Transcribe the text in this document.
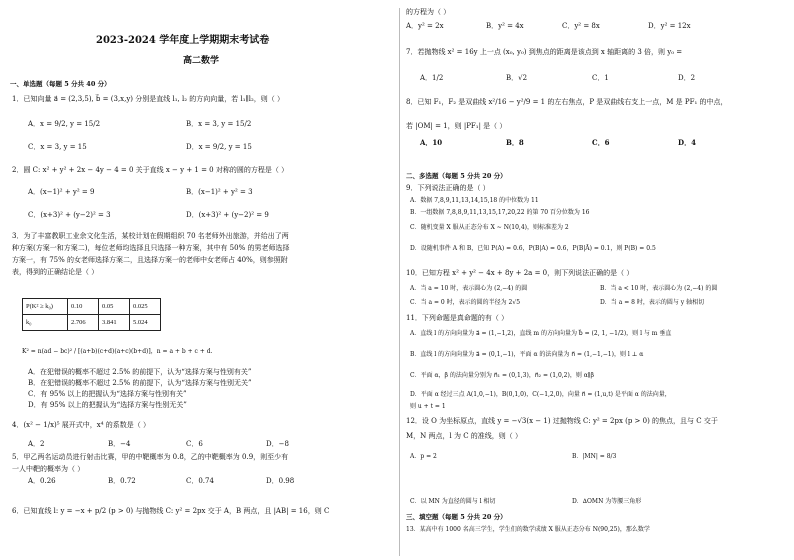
2023-2024 学年度上学期期末考试卷
高二数学
一、单选题（每题 5 分共 40 分）
1．已知向量 a⃗ = (2,3,5), b⃗ = (3,x,y) 分别是直线 l₁, l₂ 的方向向量，若 l₁∥l₂，则（ ）
A．x = 9/2, y = 15/2	B．x = 3, y = 15/2
C．x = 3, y = 15	D．x = 9/2, y = 15
2．圆 C: x² + y² + 2x − 4y − 4 = 0 关于直线 x − y + 1 = 0 对称的圆的方程是（ ）
A．(x−1)² + y² = 9	B．(x−1)² + y² = 3
C．(x+3)² + (y−2)² = 3	D．(x+3)² + (y−2)² = 9
3．为了丰富教职工业余文化生活，某校计划在假期组织 70 名老师外出旅游，并给出了两
种方案(方案一和方案二)，每位老师均选择且只选择一种方案，其中有 50% 的男老师选择
方案一，有 75% 的女老师选择方案二，且选择方案一的老师中女老师占 40%，则参照附
表，得到的正确结论是（ ）
P(K² ≥ k₀)	0.10	0.05	0.025
k₀	2.706	3.841	5.024
K² = n(ad − bc)² / [(a+b)(c+d)(a+c)(b+d)]，n = a + b + c + d.
A．在犯错误的概率不超过 2.5% 的前提下，认为“选择方案与性别有关”
B．在犯错误的概率不超过 2.5% 的前提下，认为“选择方案与性别无关”
C．有 95% 以上的把握认为“选择方案与性别有关”
D．有 95% 以上的把握认为“选择方案与性别无关”
4．(x² − 1/x)⁵ 展开式中，x⁴ 的系数是（ ）
A．2	B．−4	C．6	D．−8
5．甲乙两名运动员进行射击比赛，甲的中靶概率为 0.8，乙的中靶概率为 0.9，则至少有
一人中靶的概率为（ ）
A．0.26	B．0.72	C．0.74	D．0.98
6．已知直线 l: y = −x + p/2 (p > 0) 与抛物线 C: y² = 2px 交于 A，B 两点，且 |AB| = 16，则 C
的方程为（ ）
A．y² = 2x	B．y² = 4x	C．y² = 8x	D．y² = 12x
7．若抛物线 x² = 16y 上一点 (x₀, y₀) 到焦点的距离是该点到 x 轴距离的 3 倍，则 y₀ =
A．1/2	B．√2	C．1	D．2
8．已知 F₁，F₂ 是双曲线 x²/16 − y²/9 = 1 的左右焦点，P 是双曲线右支上一点，M 是 PF₁ 的中点，
若 |OM| = 1，则 |PF₁| 是（ ）
A．10	B．8	C．6	D．4
二、多选题（每题 5 分共 20 分）
9．下列说法正确的是（ ）
A．数据 7,8,9,11,13,14,15,18 的中位数为 11
B．一组数据 7,8,8,9,11,13,15,17,20,22 的第 70 百分位数为 16
C．随机变量 X 服从正态分布 X ~ N(10,4)，则标准差为 2
D．设随机事件 A 和 B，已知 P(A) = 0.6，P(B|A) = 0.6，P(B|Ā) = 0.1，则 P(B) = 0.5
10．已知方程 x² + y² − 4x + 8y + 2a = 0，则下列说法正确的是（ ）
A．当 a = 10 时，表示圆心为 (2,−4) 的圆	B．当 a < 10 时，表示圆心为 (2,−4) 的圆
C．当 a = 0 时，表示的圆的半径为 2√5	D．当 a = 8 时，表示的圆与 y 轴相切
11．下列命题是真命题的有（ ）
A．直线 l 的方向向量为 a⃗ = (1,−1,2)，直线 m 的方向向量为 b⃗ = (2, 1, −1/2)，则 l 与 m 垂直
B．直线 l 的方向向量为 a⃗ = (0,1,−1)，平面 α 的法向量为 n⃗ = (1,−1,−1)，则 l ⊥ α
C．平面 α，β 的法向量分别为 n⃗₁ = (0,1,3)，n⃗₂ = (1,0,2)，则 α∥β
D．平面 α 经过三点 A(1,0,−1)，B(0,1,0)，C(−1,2,0)，向量 n⃗ = (1,u,t) 是平面 α 的法向量，
则 u + t = 1
12．设 O 为坐标原点，直线 y = −√3(x − 1) 过抛物线 C: y² = 2px (p > 0) 的焦点，且与 C 交于
M，N 两点，l 为 C 的准线，则（ ）
A．p = 2	B．|MN| = 8/3
C．以 MN 为直径的圆与 l 相切	D．∆OMN 为等腰三角形
三、填空题（每题 5 分共 20 分）
13．某高中有 1000 名高三学生，学生们的数学成绩 X 服从正态分布 N(90,25)，那么数学
